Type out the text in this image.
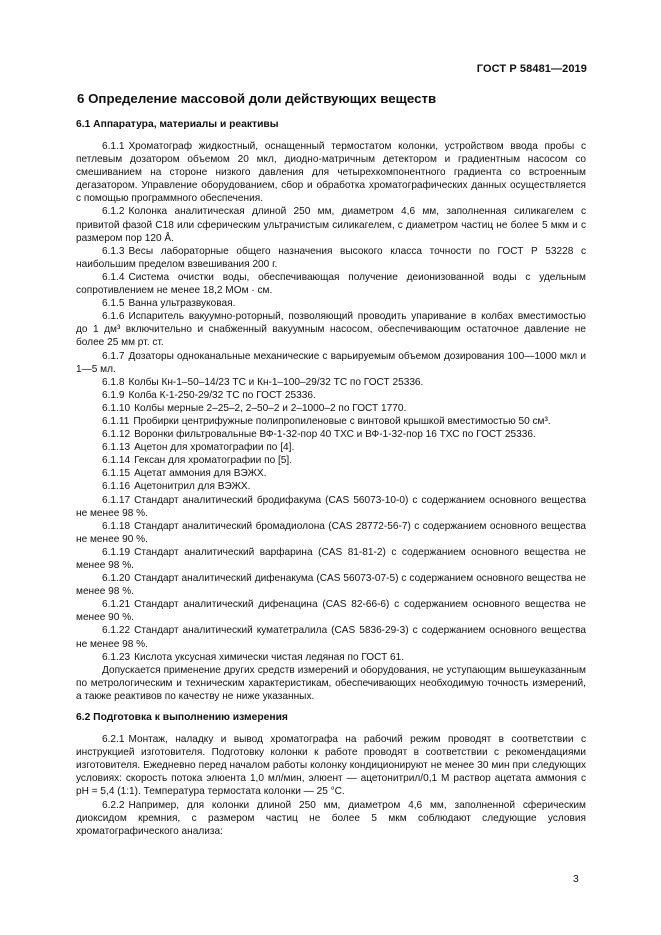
ГОСТ Р 58481—2019
6 Определение массовой доли действующих веществ
6.1 Аппаратура, материалы и реактивы

6.1.1 Хроматограф жидкостный, оснащенный термостатом колонки, устройством ввода пробы с петлевым дозатором объемом 20 мкл, диодно-матричным детектором и градиентным насосом со смешиванием на стороне низкого давления для четырехкомпонентного градиента со встроенным дегазатором. Управление оборудованием, сбор и обработка хроматографических данных осуществляется с помощью программного обеспечения.

6.1.2 Колонка аналитическая длиной 250 мм, диаметром 4,6 мм, заполненная силикагелем с привитой фазой С18 или сферическим ультрачистым силикагелем, с диаметром частиц не более 5 мкм и с размером пор 120 Å.

6.1.3 Весы лабораторные общего назначения высокого класса точности по ГОСТ Р 53228 с наибольшим пределом взвешивания 200 г.

6.1.4 Система очистки воды, обеспечивающая получение деионизованной воды с удельным сопротивлением не менее 18,2 МОм · см.

6.1.5 Ванна ультразвуковая.

6.1.6 Испаритель вакуумно-роторный, позволяющий проводить упаривание в колбах вместимостью до 1 дм³ включительно и снабженный вакуумным насосом, обеспечивающим остаточное давление не более 25 мм рт. ст.

6.1.7 Дозаторы одноканальные механические с варьируемым объемом дозирования 100—1000 мкл и 1—5 мл.

6.1.8 Колбы Кн-1–50–14/23 ТС и Кн-1–100–29/32 ТС по ГОСТ 25336.

6.1.9 Колба К-1-250-29/32 ТС по ГОСТ 25336.

6.1.10 Колбы мерные 2–25–2, 2–50–2 и 2–1000–2 по ГОСТ 1770.

6.1.11 Пробирки центрифужные полипропиленовые с винтовой крышкой вместимостью 50 см³.

6.1.12 Воронки фильтровальные ВФ-1-32-пор 40 ТХС и ВФ-1-32-пор 16 ТХС по ГОСТ 25336.

6.1.13 Ацетон для хроматографии по [4].

6.1.14 Гексан для хроматографии по [5].

6.1.15 Ацетат аммония для ВЭЖХ.

6.1.16 Ацетонитрил для ВЭЖХ.

6.1.17 Стандарт аналитический бродифакума (CAS 56073-10-0) с содержанием основного вещества не менее 98 %.

6.1.18 Стандарт аналитический бромадиолона (CAS 28772-56-7) с содержанием основного вещества не менее 90 %.

6.1.19 Стандарт аналитический варфарина (CAS 81-81-2) с содержанием основного вещества не менее 98 %.

6.1.20 Стандарт аналитический дифенакума (CAS 56073-07-5) с содержанием основного вещества не менее 98 %.

6.1.21 Стандарт аналитический дифенацина (CAS 82-66-6) с содержанием основного вещества не менее 90 %.

6.1.22 Стандарт аналитический куматетралила (CAS 5836-29-3) с содержанием основного вещества не менее 98 %.

6.1.23 Кислота уксусная химически чистая ледяная по ГОСТ 61.

Допускается применение других средств измерений и оборудования, не уступающим вышеуказанным по метрологическим и техническим характеристикам, обеспечивающих необходимую точность измерений, а также реактивов по качеству не ниже указанных.

6.2 Подготовка к выполнению измерения

6.2.1 Монтаж, наладку и вывод хроматографа на рабочий режим проводят в соответствии с инструкцией изготовителя. Подготовку колонки к работе проводят в соответствии с рекомендациями изготовителя. Ежедневно перед началом работы колонку кондиционируют не менее 30 мин при следующих условиях: скорость потока элюента 1,0 мл/мин, элюент — ацетонитрил/0,1 М раствор ацетата аммония с pH = 5,4 (1:1). Температура термостата колонки — 25 °С.

6.2.2 Например, для колонки длиной 250 мм, диаметром 4,6 мм, заполненной сферическим диоксидом кремния, с размером частиц не более 5 мкм соблюдают следующие условия хроматографического анализа:

3
